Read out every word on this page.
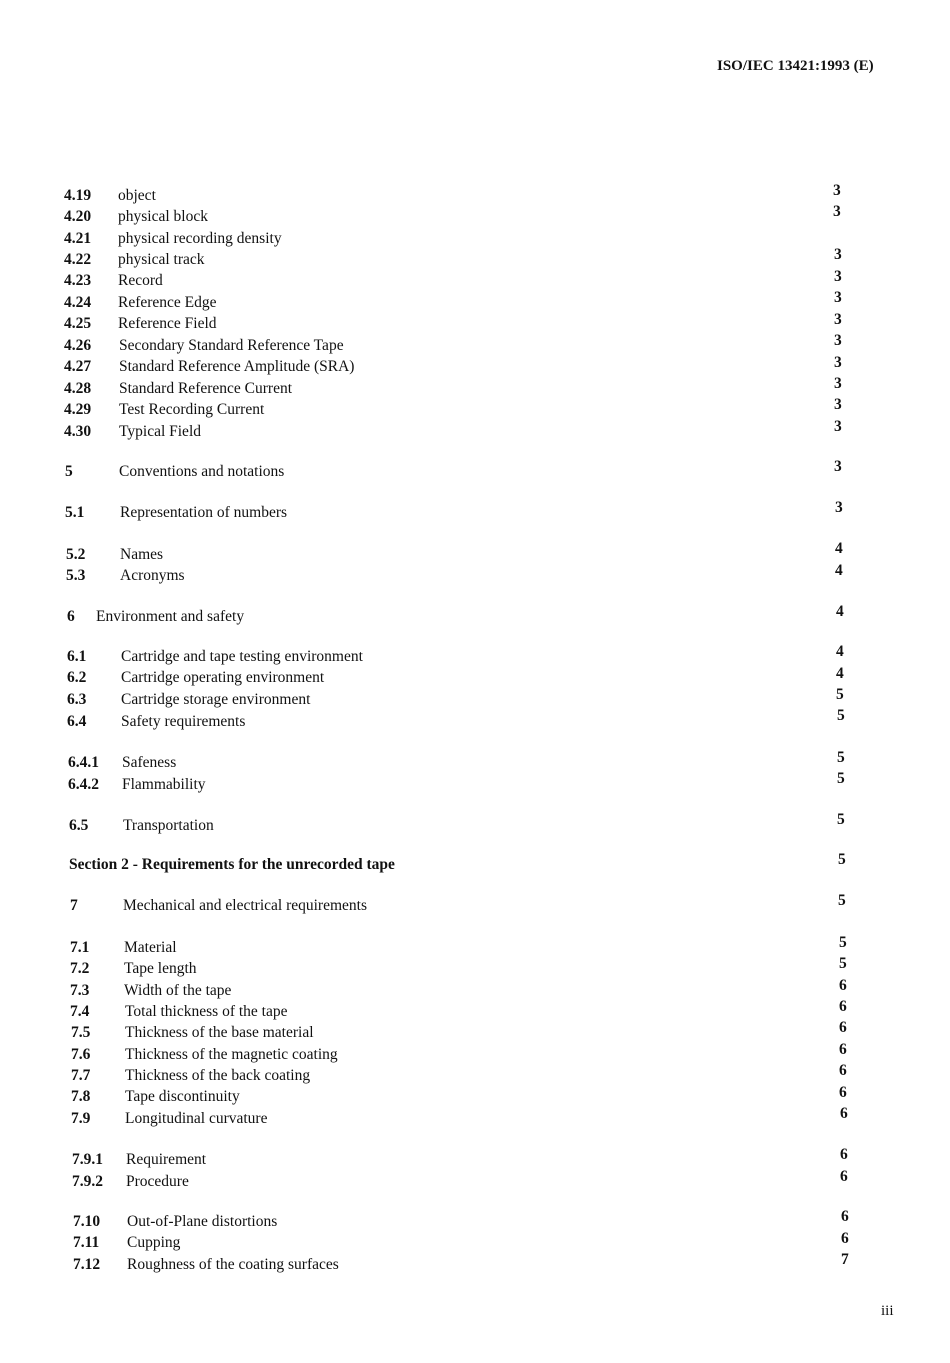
ISO/IEC 13421:1993 (E)
4.19 object	3
4.20 physical block	3
4.21 physical recording density
4.22 physical track	3
4.23 Record	3
4.24 Reference Edge	3
4.25 Reference Field	3
4.26 Secondary Standard Reference Tape	3
4.27 Standard Reference Amplitude (SRA)	3
4.28 Standard Reference Current	3
4.29 Test Recording Current	3
4.30 Typical Field	3
5	Conventions and notations	3
5.1 Representation of numbers	3
5.2 Names	4
5.3 Acronyms	4
6 Environment and safety	4
6.1 Cartridge and tape testing environment	4
6.2 Cartridge operating environment	4
6.3 Cartridge storage environment	5
6.4 Safety requirements	5
6.4.1 Safeness	5
6.4.2 Flammability	5
6.5 Transportation	5
Section 2 - Requirements for the unrecorded tape	5
7	Mechanical and electrical requirements	5
7.1 Material	5
7.2 Tape length	5
7.3 Width of the tape	6
7.4 Total thickness of the tape	6
7.5 Thickness of the base material	6
7.6 Thickness of the magnetic coating	6
7.7 Thickness of the back coating	6
7.8 Tape discontinuity	6
7.9 Longitudinal curvature	6
7.9.1 Requirement	6
7.9.2 Procedure	6
7.10 Out-of-Plane distortions	6
7.11 Cupping	6
7.12 Roughness of the coating surfaces	7
iii
